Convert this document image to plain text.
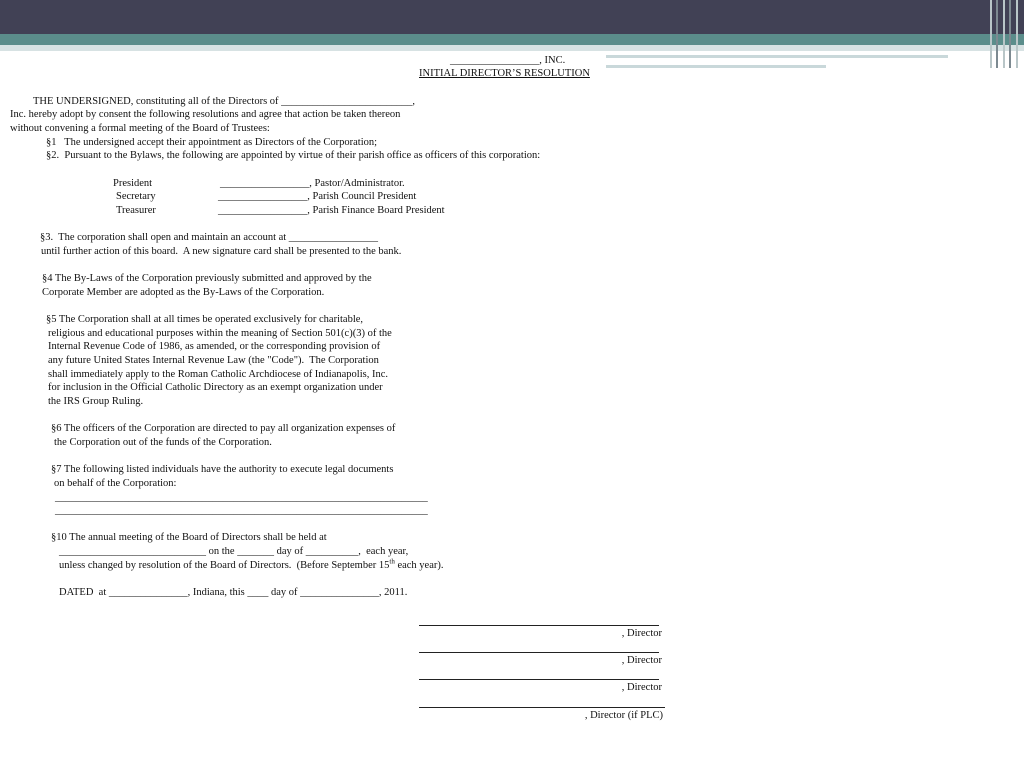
_________________, INC.
INITIAL DIRECTOR’S RESOLUTION
THE UNDERSIGNED, constituting all of the Directors of _________________________,
Inc. hereby adopt by consent the following resolutions and agree that action be taken thereon
without convening a formal meeting of the Board of Trustees:
§1   The undersigned accept their appointment as Directors of the Corporation;
§2.  Pursuant to the Bylaws, the following are appointed by virtue of their parish office as officers of this corporation:
President	_________________, Pastor/Administrator.
Secretary	_________________, Parish Council President
Treasurer	_________________, Parish Finance Board President
§3.  The corporation shall open and maintain an account at _________________
until further action of this board.  A new signature card shall be presented to the bank.
§4 The By-Laws of the Corporation previously submitted and approved by the
Corporate Member are adopted as the By-Laws of the Corporation.
§5 The Corporation shall at all times be operated exclusively for charitable,
religious and educational purposes within the meaning of Section 501(c)(3) of the
Internal Revenue Code of 1986, as amended, or the corresponding provision of
any future United States Internal Revenue Law (the "Code").  The Corporation
shall immediately apply to the Roman Catholic Archdiocese of Indianapolis, Inc.
for inclusion in the Official Catholic Directory as an exempt organization under
the IRS Group Ruling.
§6 The officers of the Corporation are directed to pay all organization expenses of
the Corporation out of the funds of the Corporation.
§7 The following listed individuals have the authority to execute legal documents
on behalf of the Corporation:
_______________________________________________________________________
_______________________________________________________________________
§10 The annual meeting of the Board of Directors shall be held at
____________________________ on the _______ day of __________,  each year,
unless changed by resolution of the Board of Directors.  (Before September 15th each year).
DATED  at _______________, Indiana, this ____ day of _______________, 2011.
, Director
, Director
, Director
, Director (if PLC)
